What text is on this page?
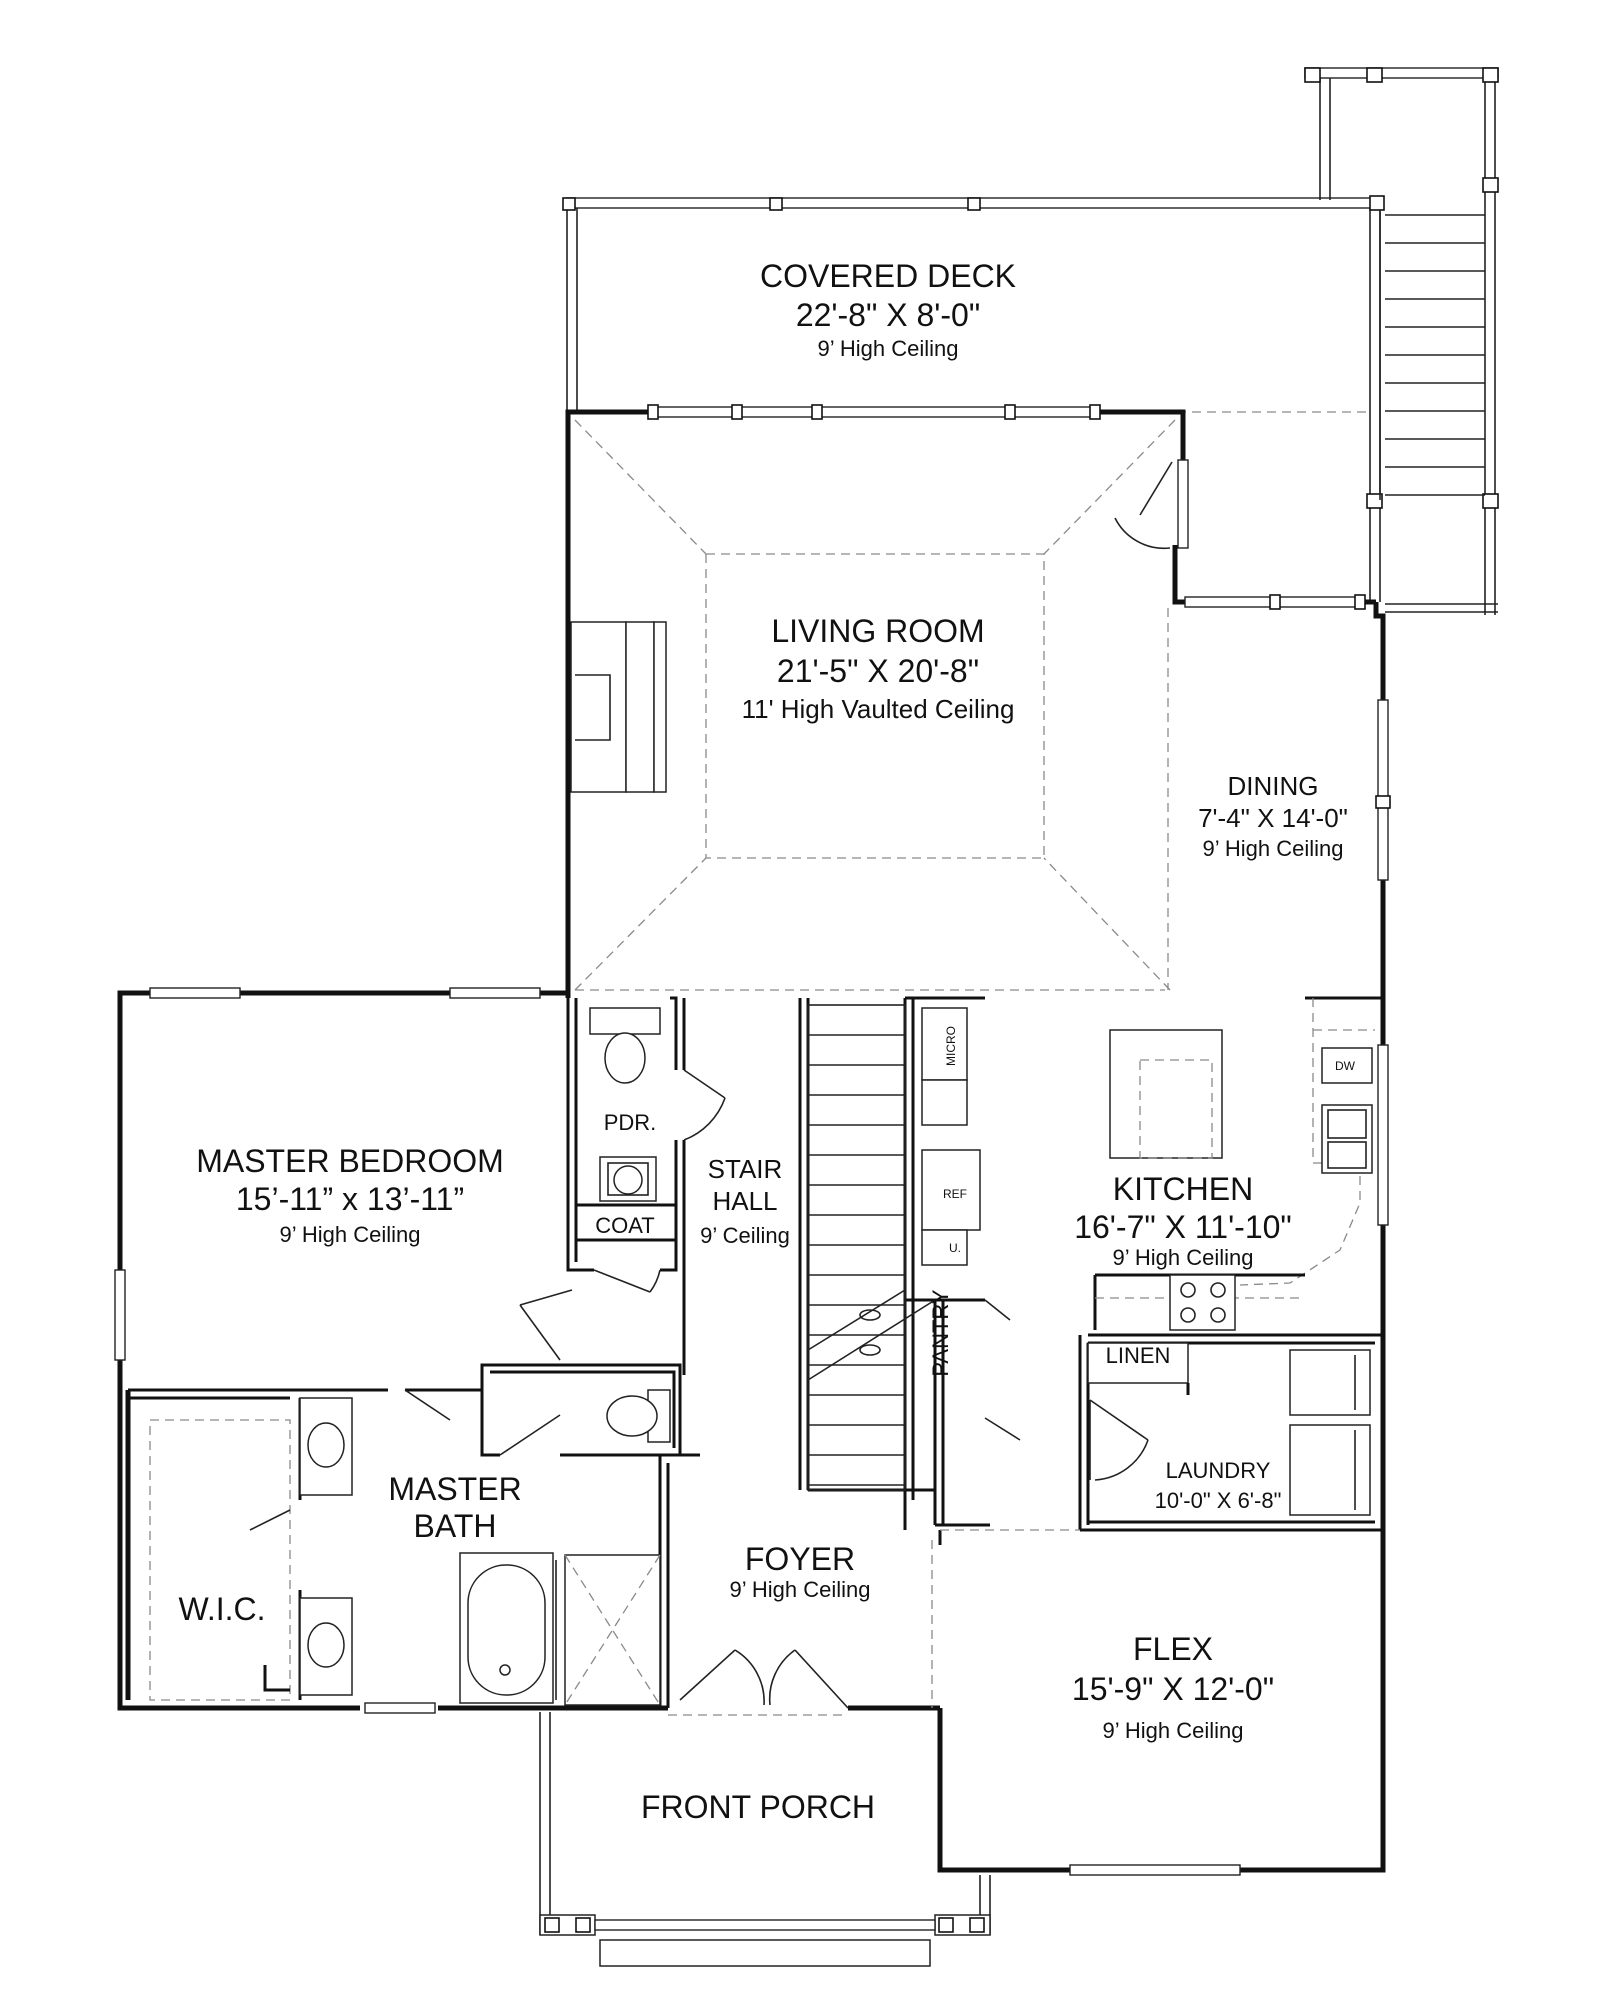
COVERED DECK
22'-8" X 8'-0"
9’ High Ceiling
LIVING ROOM
21'-5" X 20'-8"
11' High Vaulted Ceiling
DINING
7'-4" X 14'-0"
9’ High Ceiling
MASTER BEDROOM
15’-11” x 13’-11”
9’ High Ceiling
PDR.
COAT
STAIR
HALL
9’ Ceiling
KITCHEN
16'-7" X 11'-10"
9’ High Ceiling
PANTRY	LINEN
LAUNDRY
10'-0" X 6'-8"
MASTER
BATH
W.I.C.
FOYER
9’ High Ceiling
FLEX
15'-9" X 12'-0"
9’ High Ceiling
FRONT PORCH
MICRO
REF
U.
DW
